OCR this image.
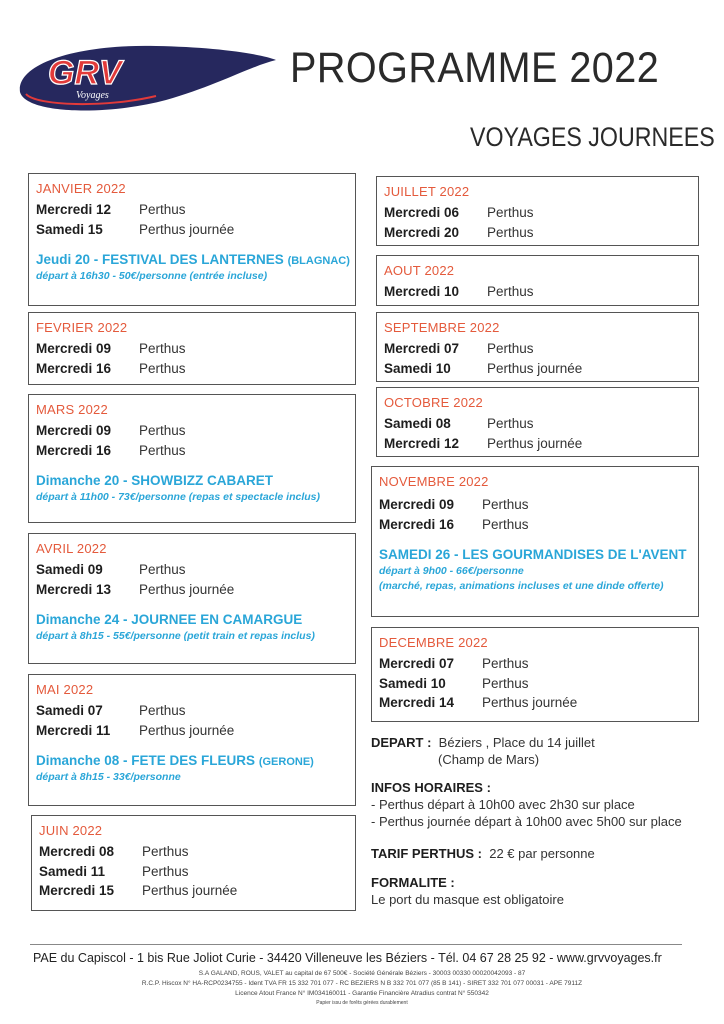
GRV
Voyages
PROGRAMME 2022
VOYAGES JOURNEES
JANVIER 2022
Mercredi 12	Perthus
Samedi 15	Perthus journée
Jeudi 20 - FESTIVAL DES LANTERNES (BLAGNAC)
départ à 16h30 - 50€/personne (entrée incluse)
FEVRIER 2022
Mercredi 09	Perthus
Mercredi 16	Perthus
MARS 2022
Mercredi 09	Perthus
Mercredi 16	Perthus
Dimanche 20 - SHOWBIZZ CABARET
départ à 11h00 - 73€/personne (repas et spectacle inclus)
AVRIL 2022
Samedi 09	Perthus
Mercredi 13	Perthus journée
Dimanche 24 - JOURNEE EN CAMARGUE
départ à 8h15 - 55€/personne (petit train et repas inclus)
MAI 2022
Samedi 07	Perthus
Mercredi 11	Perthus journée
Dimanche 08 - FETE DES FLEURS (GERONE)
départ à 8h15 - 33€/personne
JUIN 2022
Mercredi 08	Perthus
Samedi 11	Perthus
Mercredi 15	Perthus journée
JUILLET 2022
Mercredi 06	Perthus
Mercredi 20	Perthus
AOUT 2022
Mercredi 10	Perthus
SEPTEMBRE 2022
Mercredi 07	Perthus
Samedi 10	Perthus journée
OCTOBRE 2022
Samedi 08	Perthus
Mercredi 12	Perthus journée
NOVEMBRE 2022
Mercredi 09	Perthus
Mercredi 16	Perthus
SAMEDI 26 - LES GOURMANDISES DE L'AVENT
départ à 9h00 - 66€/personne
(marché, repas, animations incluses et une dinde offerte)
DECEMBRE 2022
Mercredi 07	Perthus
Samedi 10	Perthus
Mercredi 14	Perthus journée
DEPART : Béziers , Place du 14 juillet
(Champ de Mars)
INFOS HORAIRES :
- Perthus départ à 10h00 avec 2h30 sur place
- Perthus journée départ à 10h00 avec 5h00 sur place
TARIF PERTHUS : 22 € par personne
FORMALITE :
Le port du masque est obligatoire
PAE du Capiscol - 1 bis Rue Joliot Curie - 34420 Villeneuve les Béziers - Tél. 04 67 28 25 92 - www.grvvoyages.fr
S.A GALAND, ROUS, VALET au capital de 67 500€ - Société Générale Béziers - 30003 00330 00020042093 - 87
R.C.P. Hiscox N° HA-RCP0234755 - Ident TVA FR 15 332 701 077 - RC BEZIERS N B 332 701 077 (85 B 141) - SIRET 332 701 077 00031 - APE 7911Z
Licence Atout France N° IM034160011 - Garantie Financière Atradius contrat N° 550342
Papier issu de forêts gérées durablement
